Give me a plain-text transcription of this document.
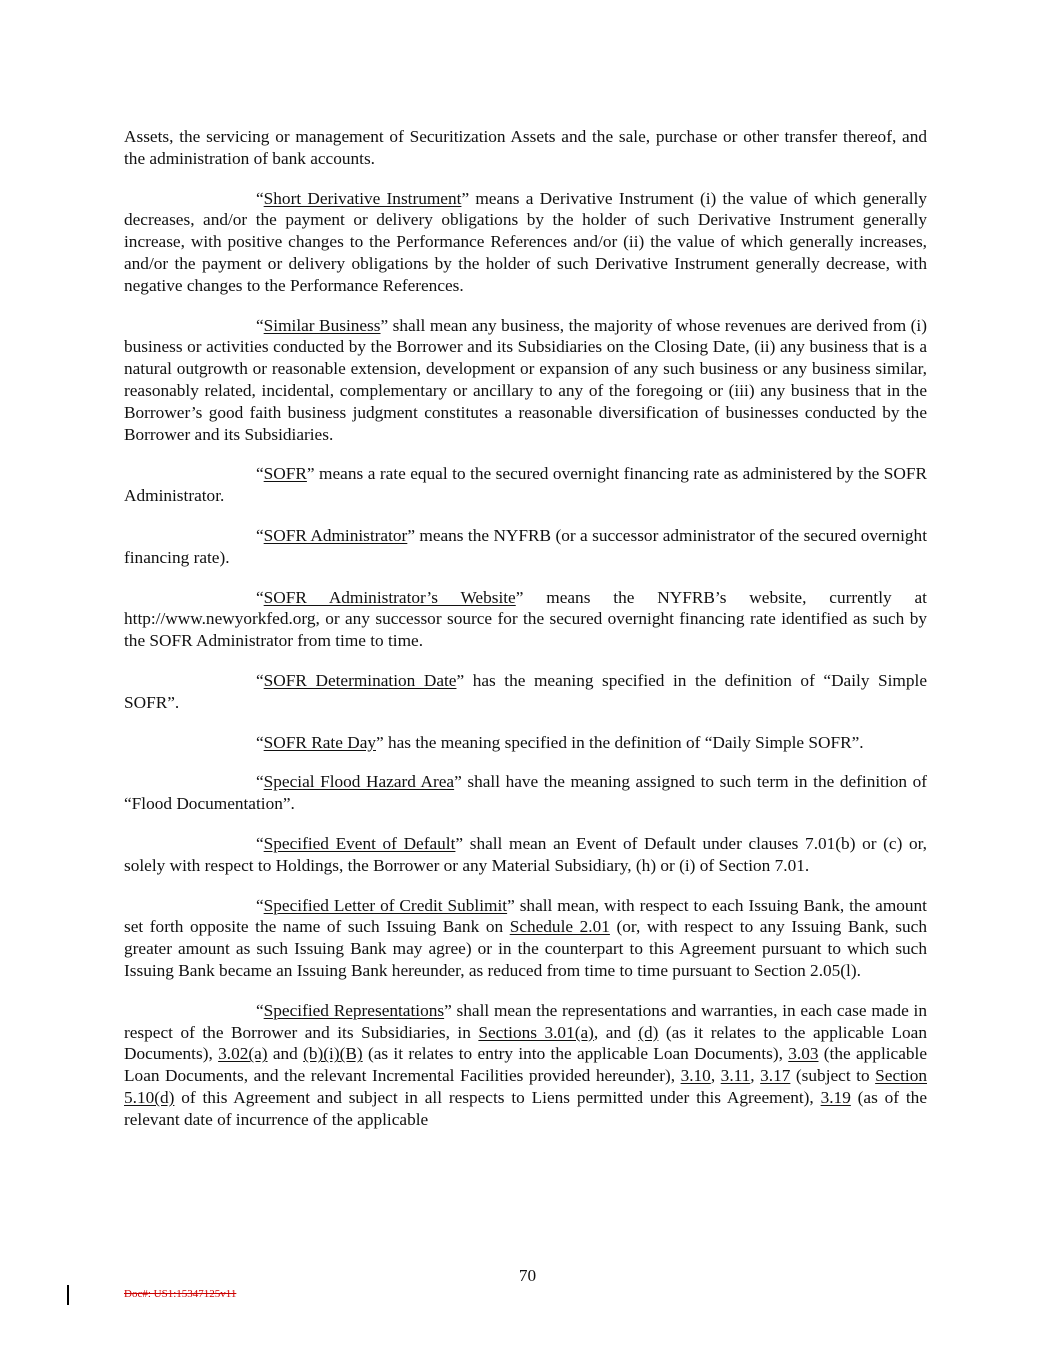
Assets, the servicing or management of Securitization Assets and the sale, purchase or other transfer thereof, and the administration of bank accounts.

“Short Derivative Instrument” means a Derivative Instrument (i) the value of which generally decreases, and/or the payment or delivery obligations by the holder of such Derivative Instrument generally increase, with positive changes to the Performance References and/or (ii) the value of which generally increases, and/or the payment or delivery obligations by the holder of such Derivative Instrument generally decrease, with negative changes to the Performance References.

“Similar Business” shall mean any business, the majority of whose revenues are derived from (i) business or activities conducted by the Borrower and its Subsidiaries on the Closing Date, (ii) any business that is a natural outgrowth or reasonable extension, development or expansion of any such business or any business similar, reasonably related, incidental, complementary or ancillary to any of the foregoing or (iii) any business that in the Borrower’s good faith business judgment constitutes a reasonable diversification of businesses conducted by the Borrower and its Subsidiaries.

“SOFR” means a rate equal to the secured overnight financing rate as administered by the SOFR Administrator.

“SOFR Administrator” means the NYFRB (or a successor administrator of the secured overnight financing rate).

“SOFR Administrator’s Website” means the NYFRB’s website, currently at http://www.newyorkfed.org, or any successor source for the secured overnight financing rate identified as such by the SOFR Administrator from time to time.

“SOFR Determination Date” has the meaning specified in the definition of “Daily Simple SOFR”.

“SOFR Rate Day” has the meaning specified in the definition of “Daily Simple SOFR”.

“Special Flood Hazard Area” shall have the meaning assigned to such term in the definition of “Flood Documentation”.

“Specified Event of Default” shall mean an Event of Default under clauses 7.01(b) or (c) or, solely with respect to Holdings, the Borrower or any Material Subsidiary, (h) or (i) of Section 7.01.

“Specified Letter of Credit Sublimit” shall mean, with respect to each Issuing Bank, the amount set forth opposite the name of such Issuing Bank on Schedule 2.01 (or, with respect to any Issuing Bank, such greater amount as such Issuing Bank may agree) or in the counterpart to this Agreement pursuant to which such Issuing Bank became an Issuing Bank hereunder, as reduced from time to time pursuant to Section 2.05(l).

“Specified Representations” shall mean the representations and warranties, in each case made in respect of the Borrower and its Subsidiaries, in Sections 3.01(a), and (d) (as it relates to the applicable Loan Documents), 3.02(a) and (b)(i)(B) (as it relates to entry into the applicable Loan Documents), 3.03 (the applicable Loan Documents, and the relevant Incremental Facilities provided hereunder), 3.10, 3.11, 3.17 (subject to Section 5.10(d) of this Agreement and subject in all respects to Liens permitted under this Agreement), 3.19 (as of the relevant date of incurrence of the applicable

70
Doc#: US1:15347125v11
